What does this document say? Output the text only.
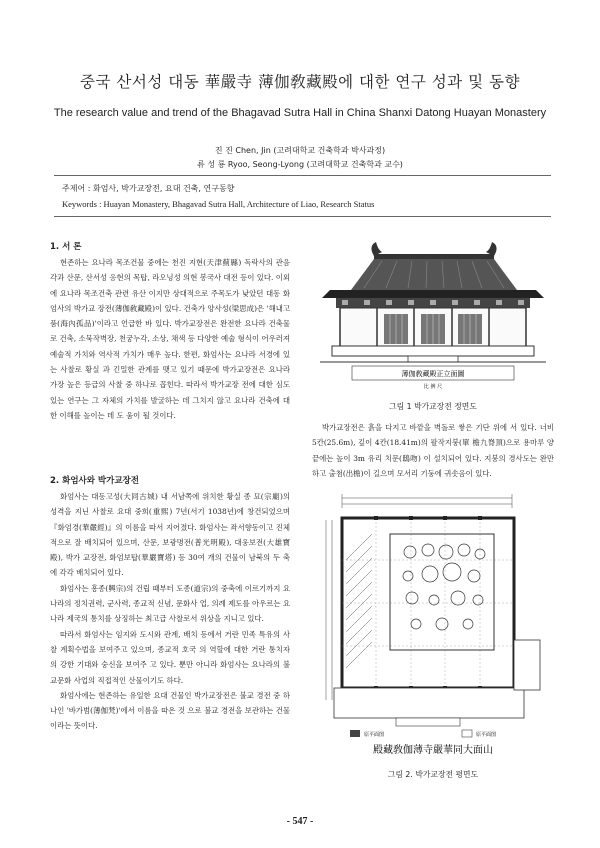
중국 산서성 대동 華嚴寺 薄伽敎藏殿에 대한 연구 성과 및 동향
The research value and trend of the Bhagavad Sutra Hall in China Shanxi Datong Huayan Monastery
진 진 Chen, Jin (고려대학교 건축학과 박사과정)
류 성 룡 Ryoo, Seong-Lyong (고려대학교 건축학과 교수)
주제어 : 화엄사, 박가교장전, 요대 건축, 연구동향
Keywords : Huayan Monastery, Bhagavad Sutra Hall, Architecture of Liao, Research Status
1. 서 론

현존하는 요나라 목조건물 중에는 천진 지현(天津薊縣) 독락사의 관음각과 산문, 산서성 응현의 목탑, 라오닝성 의현 봉국사 대전 등이 있다. 이외에 요나라 목조건축 관련 유산 이지만 상대적으로 주목도가 낮았던 대동 화엄사의 박가교 장전(薄伽敎藏殿)이 있다. 건축가 양사성(梁思成)은 '해내고 품(海內孤品)'이라고 언급한 바 있다. 박가교장전은 완전한 요나라 건축물로 건축, 소묵작벽장, 천궁누각, 소상, 채색 등 다양한 예술 형식이 어우러져 예술적 가치와 역사적 가치가 매우 높다. 한편, 화엄사는 요나라 서경에 있는 사찰로 황실 과 긴밀한 관계를 맺고 있기 때문에 박가교장전은 요나라 가장 높은 등급의 사찰 중 하나로 꼽힌다. 따라서 박가교장 전에 대한 심도 있는 연구는 그 자체의 가치를 발굴하는 데 그치지 않고 요나라 건축에 대한 이해를 높이는 데 도 움이 될 것이다.

2. 화엄사와 박가교장전

화엄사는 대동고성(大同古城) 내 서남쪽에 위치한 황실 종 묘(宗廟)의 성격을 지닌 사찰로 요대 중희(重熙) 7년(서기 1038년)에 창건되었으며 『화엄경(華嚴經)』의 이름을 따서 지어졌다. 화엄사는 좌서향동이고 진체적으로 잘 배치되어 있으며, 산문, 보광명전(普光明殿), 대웅보전(大雄寶殿), 박가 교장전, 화엄보탑(華嚴寶塔) 등 30여 개의 건물이 남북의 두 축에 각각 배치되어 있다.

화엄사는 흥종(興宗)의 건립 때부터 도종(道宗)의 중축에 이르기까지 요나라의 정치권력, 군사력, 종교적 신념, 문화사 업, 의례 제도를 아우르는 요나라 제국의 통치를 상징하는 최고급 사찰로서 위상을 지니고 있다.

따라서 화엄사는 임지와 도시와 관계, 배치 등에서 거란 민족 특유의 사찰 계획수법을 보여주고 있으며, 종교적 호국 의 역할에 대한 거란 통치자의 강한 기대와 숭신을 보여주 고 있다. 뿐만 아니라 화엄사는 요나라의 불교문화 사업의 직접적인 산물이기도 하다.

화엄사에는 현존하는 유일한 요대 건물인 박가교장전은 불교 경전 중 하나인 '바가범(薄伽梵)'에서 이름을 따온 것 으로 불교 경전을 보관하는 건물이라는 뜻이다.

薄伽敎藏殿正立面圖
比 例 尺
그림 1 박가교장전 정면도

박가교장전은 흙을 다지고 바깥을 벽돌로 쌓은 기단 위에 서 있다. 너비 5칸(25.6m), 깊이 4칸(18.41m)의 팔작지붕(單 檐九脊頂)으로 용마루 양 끝에는 높이 3m 유리 치문(鴟吻) 이 설치되어 있다. 지붕의 경사도는 완만하고 출첨(出檐)이 길으며 모서리 기둥에 귀솟음이 있다.

原平面图	原平面图
殿藏敎伽薄寺嚴華同大面山
그림 2. 박가교장전 평면도
- 547 -
